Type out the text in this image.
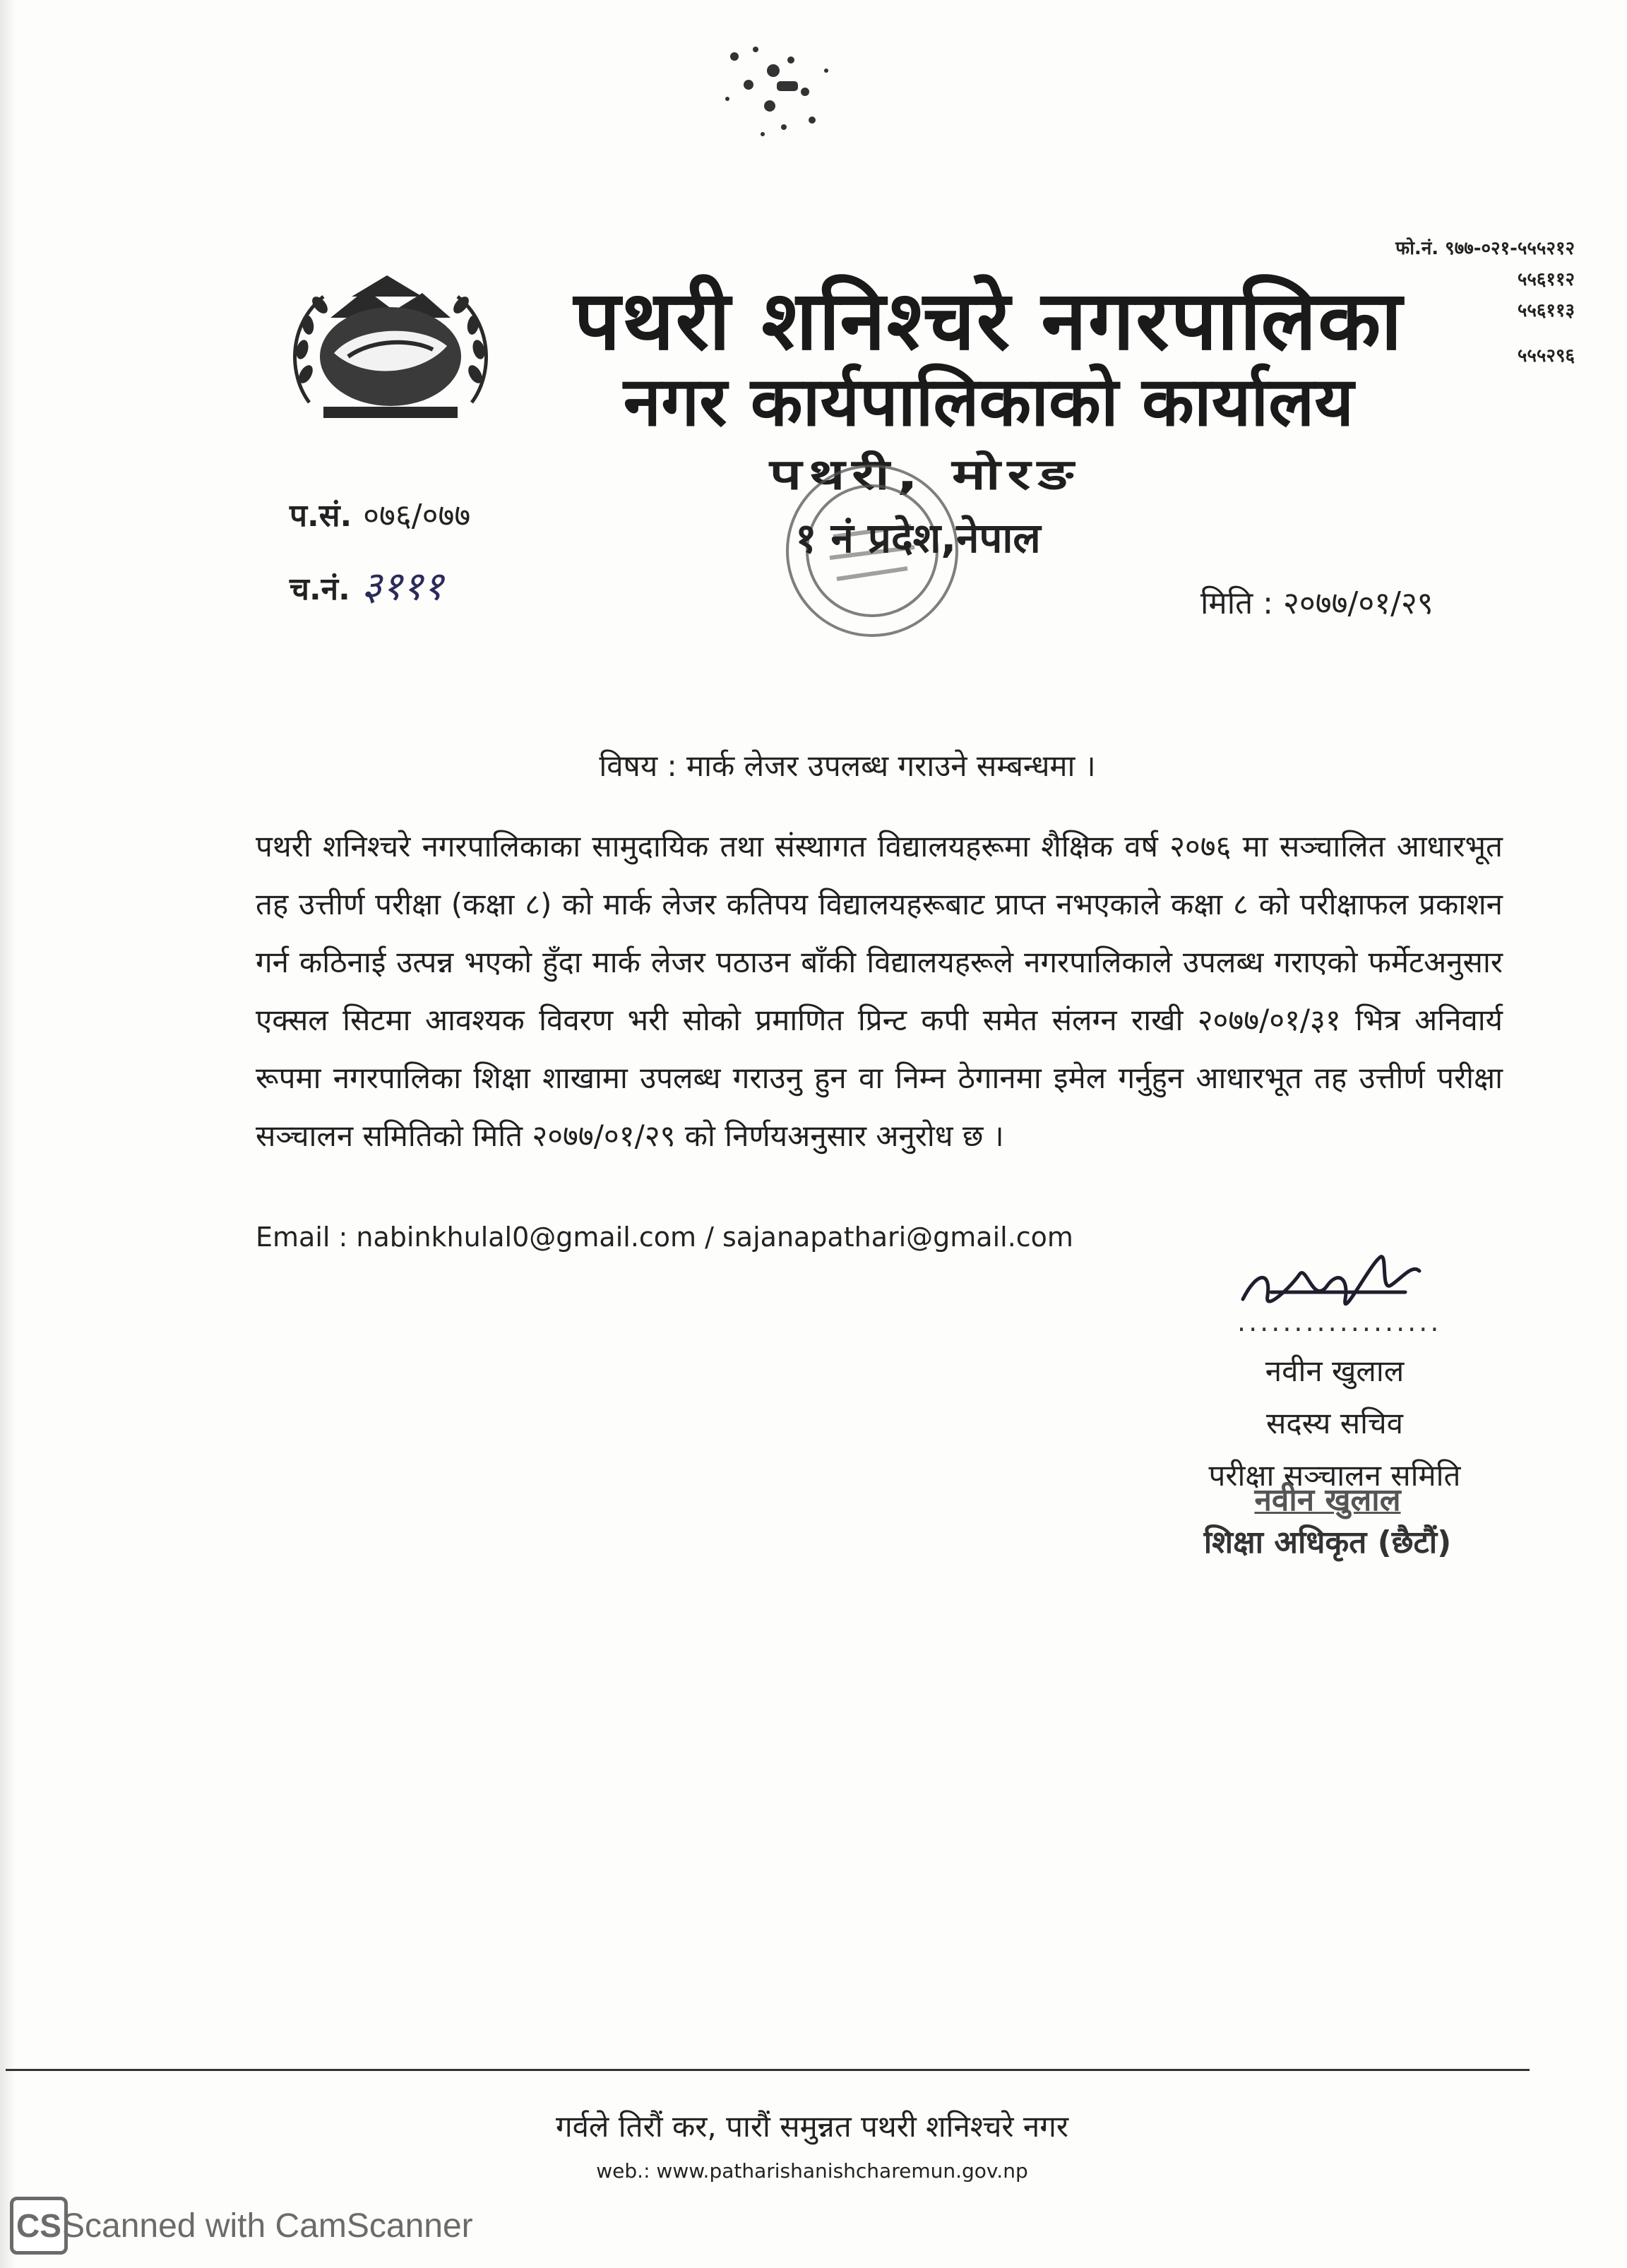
फो.नं. ९७७-०२१-५५५२१२
५५६११२
५५६११३
५५५२९६
पथरी शनिश्चरे नगरपालिका
नगर कार्यपालिकाको कार्यालय
पथरी, मोरङ
१ नं प्रदेश,नेपाल
प.सं. ०७६/०७७
च.नं. ३१११	मिति : २०७७/०१/२९
विषय : मार्क लेजर उपलब्ध गराउने सम्बन्धमा ।
पथरी शनिश्चरे नगरपालिकाका सामुदायिक तथा संस्थागत विद्यालयहरूमा शैक्षिक वर्ष २०७६ मा सञ्चालित आधारभूत तह उत्तीर्ण परीक्षा (कक्षा ८) को मार्क लेजर कतिपय विद्यालयहरूबाट प्राप्त नभएकाले कक्षा ८ को परीक्षाफल प्रकाशन गर्न कठिनाई उत्पन्न भएको हुँदा मार्क लेजर पठाउन बाँकी विद्यालयहरूले नगरपालिकाले उपलब्ध गराएको फर्मेटअनुसार एक्सल सिटमा आवश्यक विवरण भरी सोको प्रमाणित प्रिन्ट कपी समेत संलग्न राखी २०७७/०१/३१ भित्र अनिवार्य रूपमा नगरपालिका शिक्षा शाखामा उपलब्ध गराउनु हुन वा निम्न ठेगानमा इमेल गर्नुहुन आधारभूत तह उत्तीर्ण परीक्षा सञ्चालन समितिको मिति २०७७/०१/२९ को निर्णयअनुसार अनुरोध छ ।
Email : nabinkhulal0@gmail.com / sajanapathari@gmail.com
..................
नवीन खुलाल
सदस्य सचिव
परीक्षा सञ्चालन समिति
नवीन खुलाल
शिक्षा अधिकृत (छैटौं)
गर्वले तिरौं कर, पारौं समुन्नत पथरी शनिश्चरे नगर
web.: www.patharishanishcharemun.gov.np
CS Scanned with CamScanner
